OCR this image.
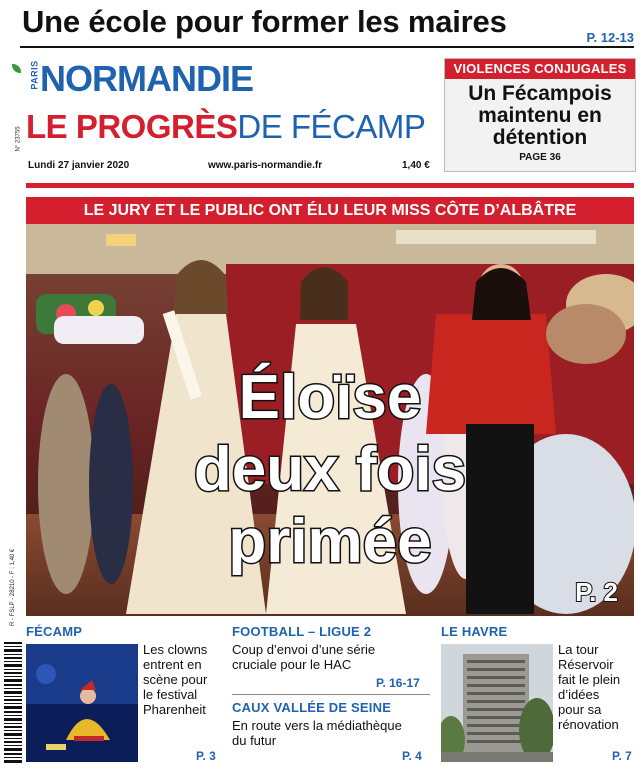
Une école pour former les maires	P. 12-13
N° 23755
PARIS NORMANDIE
LE PROGRÈSDE FÉCAMP
Lundi 27 janvier 2020	www.paris-normandie.fr	1,40 €
VIOLENCES CONJUGALES
Un Fécampois
maintenu en
détention
PAGE 36
LE JURY ET LE PUBLIC ONT ÉLU LEUR MISS CÔTE D’ALBÂTRE
Éloïse
deux fois
primée
P. 2
R - FSLP - 28210 - F : 1,40 €
FÉCAMP
Les clowns
entrent en
scène pour
le festival
Pharenheit
P. 3
FOOTBALL – LIGUE 2
Coup d’envoi d’une série
cruciale pour le HAC
P. 16-17
CAUX VALLÉE DE SEINE
En route vers la médiathèque
du futur
P. 4
LE HAVRE
La tour
Réservoir
fait le plein
d’idées
pour sa
rénovation
P. 7
